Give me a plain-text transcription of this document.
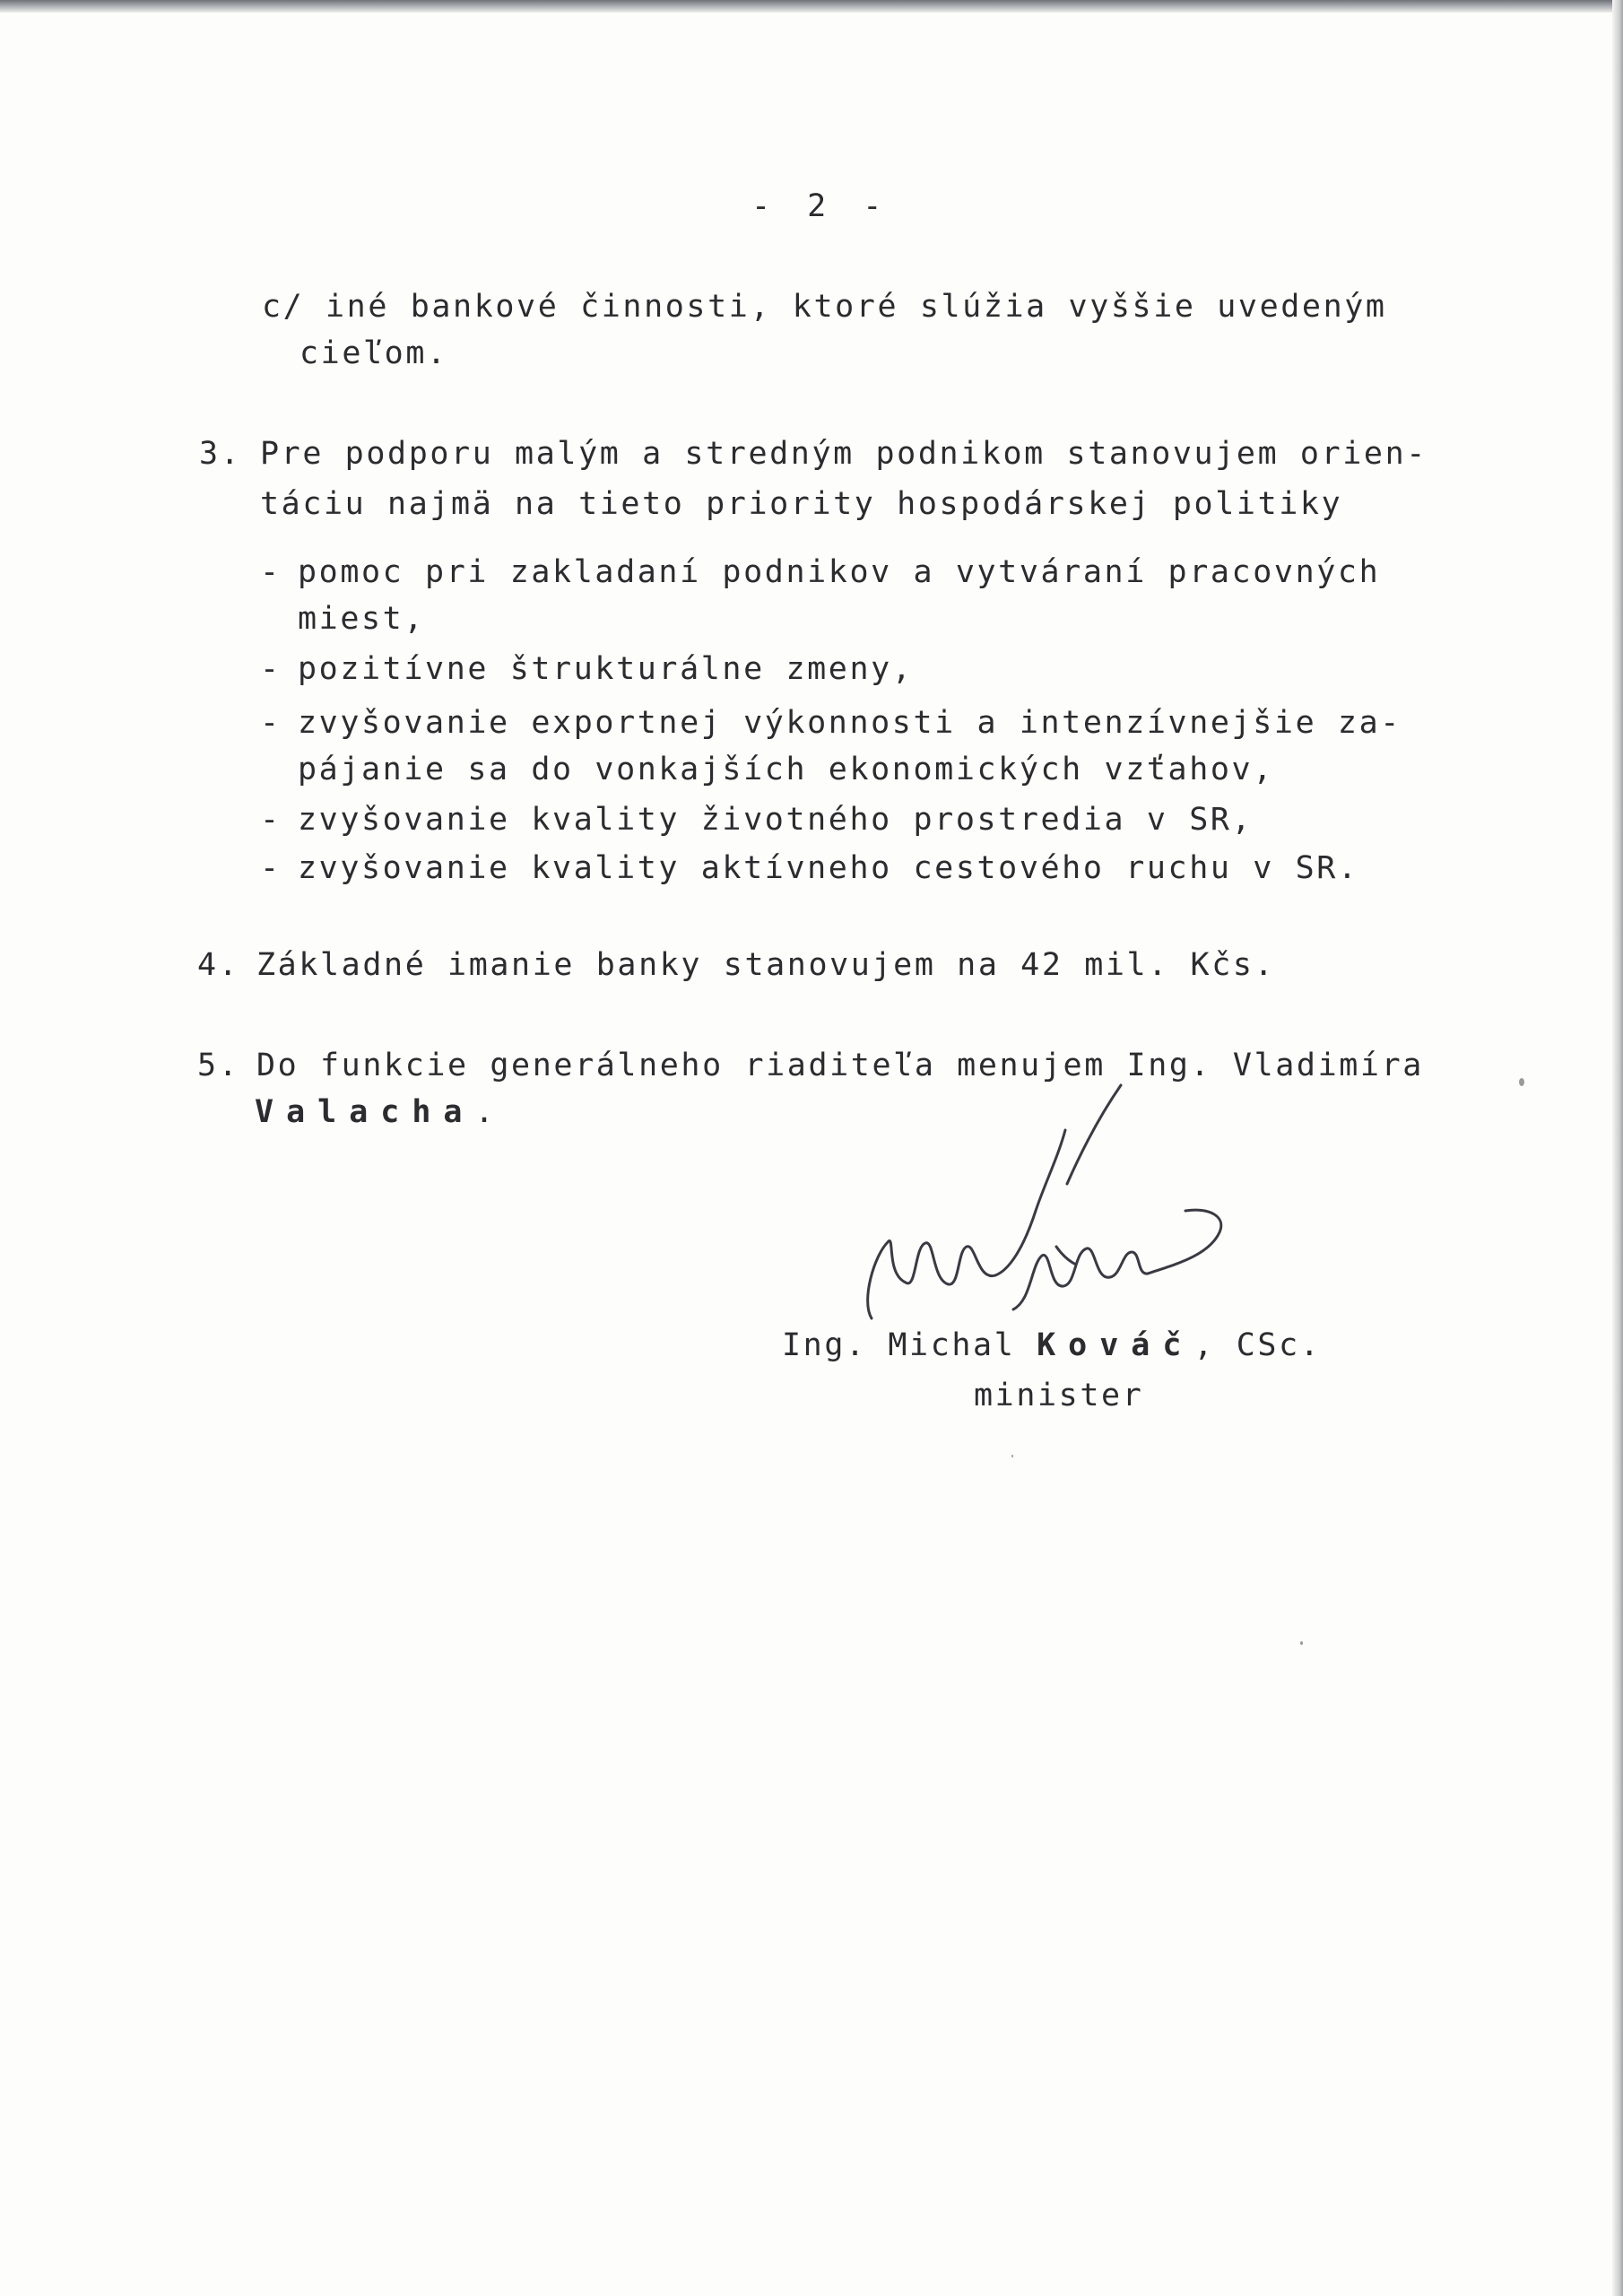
- 2 -
c/ iné bankové činnosti, ktoré slúžia vyššie uvedeným
cieľom.
3. Pre podporu malým a stredným podnikom stanovujem orien-
táciu najmä na tieto priority hospodárskej politiky
- pomoc pri zakladaní podnikov a vytváraní pracovných
miest,
- pozitívne štrukturálne zmeny,
- zvyšovanie exportnej výkonnosti a intenzívnejšie za-
pájanie sa do vonkajších ekonomických vzťahov,
- zvyšovanie kvality životného prostredia v SR,
- zvyšovanie kvality aktívneho cestového ruchu v SR.
4. Základné imanie banky stanovujem na 42 mil. Kčs.
5. Do funkcie generálneho riaditeľa menujem Ing. Vladimíra
Valacha.
Ing. Michal Kováč, CSc.
minister
